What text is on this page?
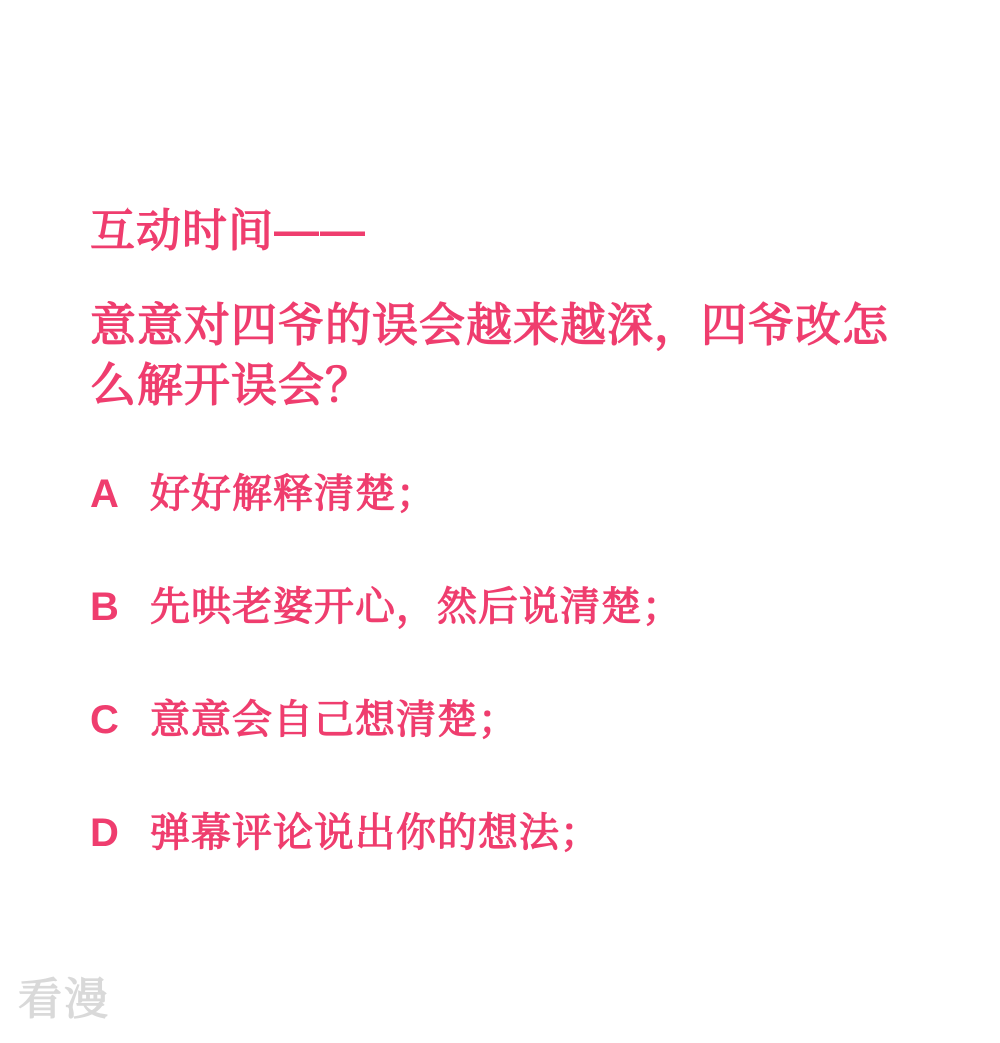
互动时间——
意意对四爷的误会越来越深，四爷改怎么解开误会？
A 好好解释清楚；
B 先哄老婆开心，然后说清楚；
C 意意会自己想清楚；
D 弹幕评论说出你的想法；
看漫
